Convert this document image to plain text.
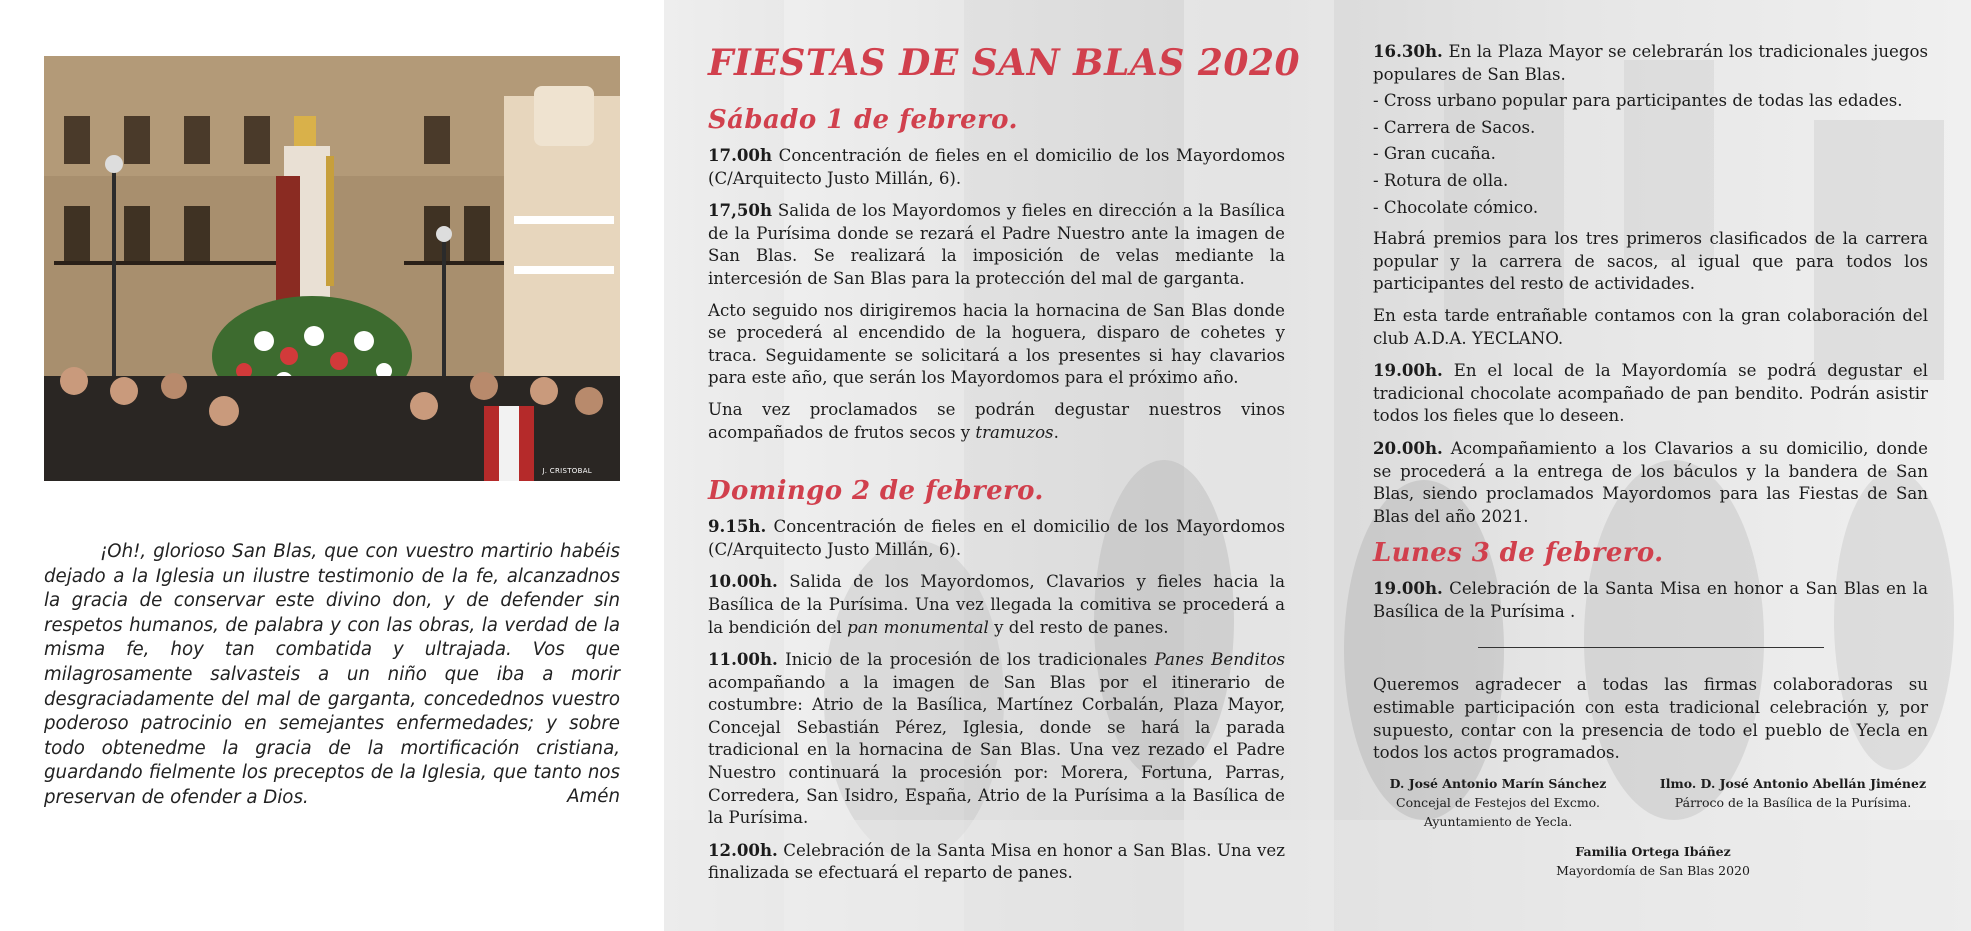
J. CRISTOBAL

¡Oh!, glorioso San Blas, que con vuestro martirio habéis dejado a la Iglesia un ilustre testimonio de la fe, alcanzadnos la gracia de conservar este divino don, y de defender sin respetos humanos, de palabra y con las obras, la verdad de la misma fe, hoy tan combatida y ultrajada. Vos que milagrosamente salvasteis a un niño que iba a morir desgraciadamente del mal de garganta, concedednos vuestro poderoso patrocinio en semejantes enfermedades; y sobre todo obtenedme la gracia de la mortificación cristiana, guardando fielmente los preceptos de la Iglesia, que tanto nos preservan de ofender a Dios.	Amén
FIESTAS DE SAN BLAS 2020
Sábado 1 de febrero.

17.00h Concentración de fieles en el domicilio de los Mayordomos (C/Arquitecto Justo Millán, 6).

17,50h Salida de los Mayordomos y fieles en dirección a la Basílica de la Purísima donde se rezará el Padre Nuestro ante la imagen de San Blas. Se realizará la imposición de velas mediante la intercesión de San Blas para la protección del mal de garganta.

Acto seguido nos dirigiremos hacia la hornacina de San Blas donde se procederá al encendido de la hoguera, disparo de cohetes y traca. Seguidamente se solicitará a los presentes si hay clavarios para este año, que serán los Mayordomos para el próximo año.

Una vez proclamados se podrán degustar nuestros vinos acompañados de frutos secos y tramuzos.

Domingo 2 de febrero.

9.15h. Concentración de fieles en el domicilio de los Mayordomos (C/Arquitecto Justo Millán, 6).

10.00h. Salida de los Mayordomos, Clavarios y fieles hacia la Basílica de la Purísima. Una vez llegada la comitiva se procederá a la bendición del pan monumental y del resto de panes.

11.00h. Inicio de la procesión de los tradicionales Panes Benditos acompañando a la imagen de San Blas por el itinerario de costumbre: Atrio de la Basílica, Martínez Corbalán, Plaza Mayor, Concejal Sebastián Pérez, Iglesia, donde se hará la parada tradicional en la hornacina de San Blas. Una vez rezado el Padre Nuestro continuará la procesión por: Morera, Fortuna, Parras, Corredera, San Isidro, España, Atrio de la Purísima a la Basílica de la Purísima.

12.00h. Celebración de la Santa Misa en honor a San Blas. Una vez finalizada se efectuará el reparto de panes.

16.30h. En la Plaza Mayor se celebrarán los tradicionales juegos populares de San Blas.

- Cross urbano popular para participantes de todas las edades.
- Carrera de Sacos.
- Gran cucaña.
- Rotura de olla.
- Chocolate cómico.

Habrá premios para los tres primeros clasificados de la carrera popular y la carrera de sacos, al igual que para todos los participantes del resto de actividades.

En esta tarde entrañable contamos con la gran colaboración del club A.D.A. YECLANO.

19.00h. En el local de la Mayordomía se podrá degustar el tradicional chocolate acompañado de pan bendito. Podrán asistir todos los fieles que lo deseen.

20.00h. Acompañamiento a los Clavarios a su domicilio, donde se procederá a la entrega de los báculos y la bandera de San Blas, siendo proclamados Mayordomos para las Fiestas de San Blas del año 2021.

Lunes 3 de febrero.

19.00h. Celebración de la Santa Misa en honor a San Blas en la Basílica de la Purísima .

Queremos agradecer a todas las firmas colaboradoras su estimable participación con esta tradicional celebración y, por supuesto, contar con la presencia de todo el pueblo de Yecla en todos los actos programados.

D. José Antonio Marín Sánchez
Concejal de Festejos del Excmo.
Ayuntamiento de Yecla.
Ilmo. D. José Antonio Abellán Jiménez
Párroco de la Basílica de la Purísima.
Familia Ortega Ibáñez
Mayordomía de San Blas 2020
